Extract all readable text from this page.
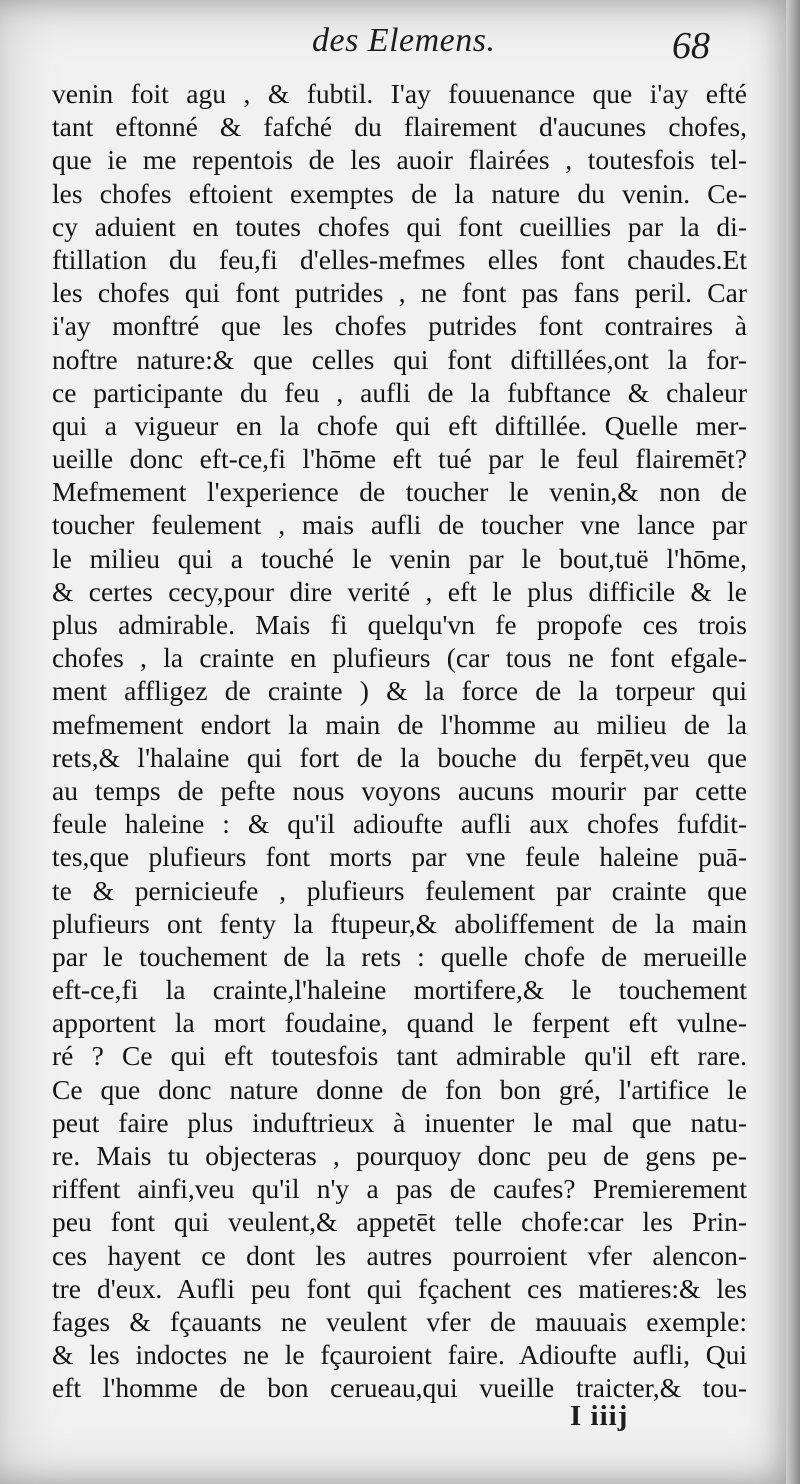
des Elemens.	68
venin foit agu , & fubtil. I'ay fouuenance que i'ay efté
tant eftonné & fafché du flairement d'aucunes chofes,
que ie me repentois de les auoir flairées , toutesfois tel-
les chofes eftoient exemptes de la nature du venin. Ce-
cy aduient en toutes chofes qui font cueillies par la di-
ftillation du feu,fi d'elles-mefmes elles font chaudes.Et
les chofes qui font putrides , ne font pas fans peril. Car
i'ay monftré que les chofes putrides font contraires à
noftre nature:& que celles qui font diftillées,ont la for-
ce participante du feu , aufli de la fubftance & chaleur
qui a vigueur en la chofe qui eft diftillée. Quelle mer-
ueille donc eft-ce,fi l'hōme eft tué par le feul flairemēt?
Mefmement l'experience de toucher le venin,& non de
toucher feulement , mais aufli de toucher vne lance par
le milieu qui a touché le venin par le bout,tuë l'hōme,
& certes cecy,pour dire verité , eft le plus difficile & le
plus admirable. Mais fi quelqu'vn fe propofe ces trois
chofes , la crainte en plufieurs (car tous ne font efgale-
ment affligez de crainte ) & la force de la torpeur qui
mefmement endort la main de l'homme au milieu de la
rets,& l'halaine qui fort de la bouche du ferpēt,veu que
au temps de pefte nous voyons aucuns mourir par cette
feule haleine : & qu'il adioufte aufli aux chofes fufdit-
tes,que plufieurs font morts par vne feule haleine puā-
te & pernicieufe , plufieurs feulement par crainte que
plufieurs ont fenty la ftupeur,& aboliffement de la main
par le touchement de la rets : quelle chofe de merueille
eft-ce,fi la crainte,l'haleine mortifere,& le touchement
apportent la mort foudaine, quand le ferpent eft vulne-
ré ? Ce qui eft toutesfois tant admirable qu'il eft rare.
Ce que donc nature donne de fon bon gré, l'artifice le
peut faire plus induftrieux à inuenter le mal que natu-
re. Mais tu objecteras , pourquoy donc peu de gens pe-
riffent ainfi,veu qu'il n'y a pas de caufes? Premierement
peu font qui veulent,& appetēt telle chofe:car les Prin-
ces hayent ce dont les autres pourroient vfer alencon-
tre d'eux. Aufli peu font qui fçachent ces matieres:& les
fages & fçauants ne veulent vfer de mauuais exemple:
& les indoctes ne le fçauroient faire. Adioufte aufli, Qui
eft l'homme de bon cerueau,qui vueille traicter,& tou-
I iiij
